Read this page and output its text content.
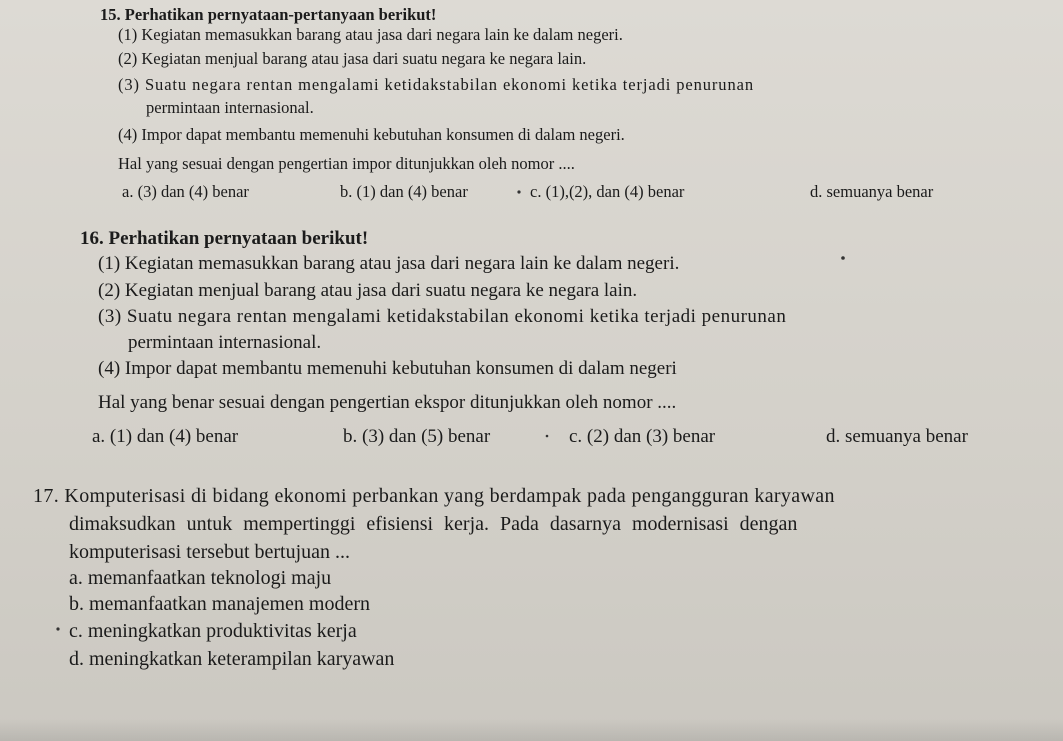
15. Perhatikan pernyataan-pertanyaan berikut!
(1) Kegiatan memasukkan barang atau jasa dari negara lain ke dalam negeri.
(2) Kegiatan menjual barang atau jasa dari suatu negara ke negara lain.
(3) Suatu negara rentan mengalami ketidakstabilan ekonomi ketika terjadi penurunan
permintaan internasional.
(4) Impor dapat membantu memenuhi kebutuhan konsumen di dalam negeri.
Hal yang sesuai dengan pengertian impor ditunjukkan oleh nomor ....
a. (3) dan (4) benar	b. (1) dan (4) benar	c. (1),(2), dan (4) benar	d. semuanya benar
16. Perhatikan pernyataan berikut!
(1) Kegiatan memasukkan barang atau jasa dari negara lain ke dalam negeri.
(2) Kegiatan menjual barang atau jasa dari suatu negara ke negara lain.
(3) Suatu negara rentan mengalami ketidakstabilan ekonomi ketika terjadi penurunan
permintaan internasional.
(4) Impor dapat membantu memenuhi kebutuhan konsumen di dalam negeri
Hal yang benar sesuai dengan pengertian ekspor ditunjukkan oleh nomor ....
a. (1) dan (4) benar	b. (3) dan (5) benar	c. (2) dan (3) benar	d. semuanya benar
17. Komputerisasi di bidang ekonomi perbankan yang berdampak pada pengangguran karyawan
dimaksudkan untuk mempertinggi efisiensi kerja. Pada dasarnya modernisasi dengan
komputerisasi tersebut bertujuan ...
a. memanfaatkan teknologi maju
b. memanfaatkan manajemen modern
c. meningkatkan produktivitas kerja
d. meningkatkan keterampilan karyawan
